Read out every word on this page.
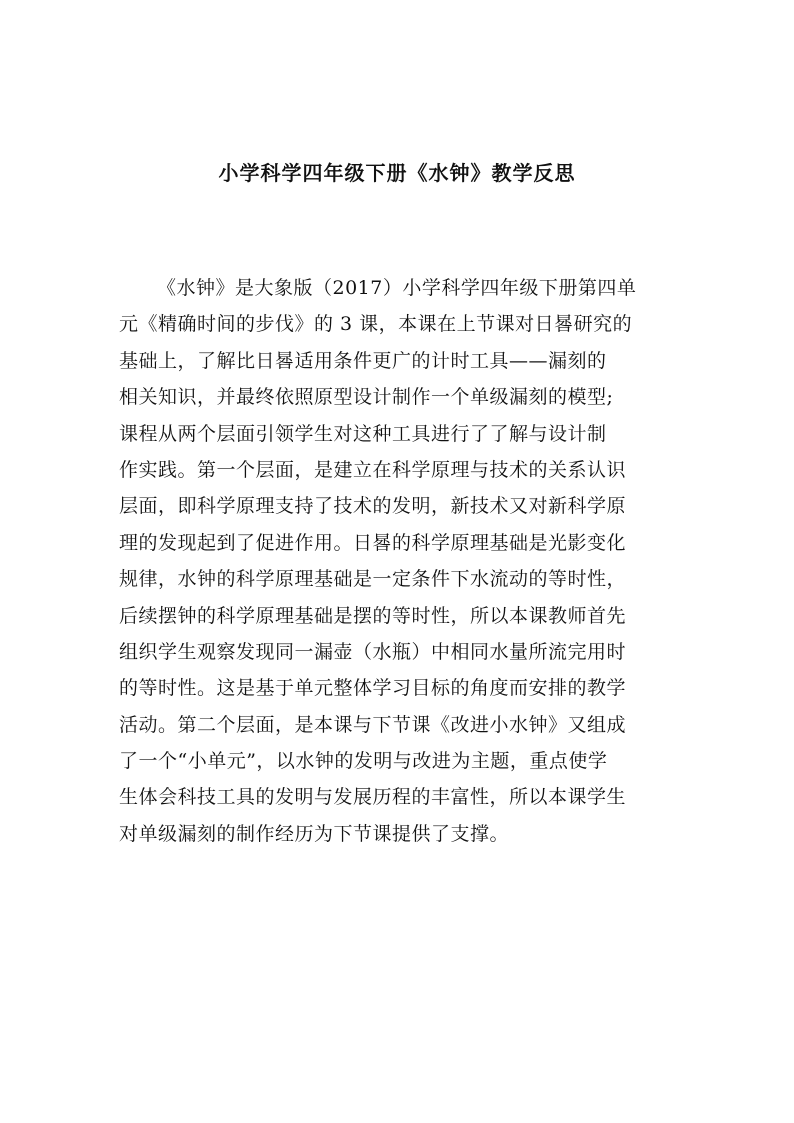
小学科学四年级下册《水钟》教学反思
《水钟》是大象版（2017）小学科学四年级下册第四单
元《精确时间的步伐》的 3 课，本课在上节课对日晷研究的
基础上，了解比日晷适用条件更广的计时工具——漏刻的
相关知识，并最终依照原型设计制作一个单级漏刻的模型;
课程从两个层面引领学生对这种工具进行了了解与设计制
作实践。第一个层面，是建立在科学原理与技术的关系认识
层面，即科学原理支持了技术的发明，新技术又对新科学原
理的发现起到了促进作用。日晷的科学原理基础是光影变化
规律，水钟的科学原理基础是一定条件下水流动的等时性，
后续摆钟的科学原理基础是摆的等时性，所以本课教师首先
组织学生观察发现同一漏壶（水瓶）中相同水量所流完用时
的等时性。这是基于单元整体学习目标的角度而安排的教学
活动。第二个层面，是本课与下节课《改进小水钟》又组成
了一个“小单元”，以水钟的发明与改进为主题，重点使学
生体会科技工具的发明与发展历程的丰富性，所以本课学生
对单级漏刻的制作经历为下节课提供了支撑。
